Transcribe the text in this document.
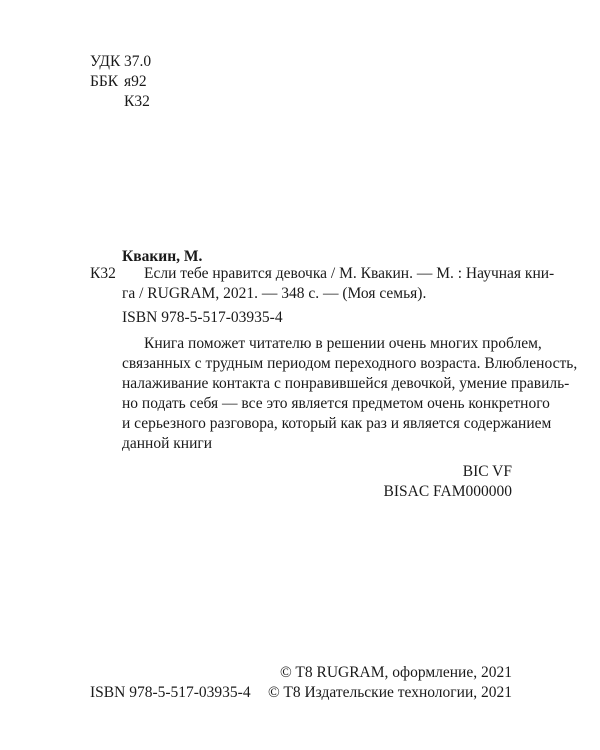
УДК 37.0
ББК я92
К32
Квакин, М.
К32	Если тебе нравится девочка / М. Квакин. — М. : Научная кни-
га / RUGRAM, 2021. — 348 с. — (Моя семья).
ISBN 978-5-517-03935-4
Книга поможет читателю в решении очень многих проблем,
связанных с трудным периодом переходного возраста. Влюбленость,
налаживание контакта с понравившейся девочкой, умение правиль-
но подать себя — все это является предметом очень конкретного
и серьезного разговора, который как раз и является содержанием
данной книги
BIC VF
BISAC FAM000000
ISBN 978-5-517-03935-4
© T8 RUGRAM, оформление, 2021
© T8 Издательские технологии, 2021
